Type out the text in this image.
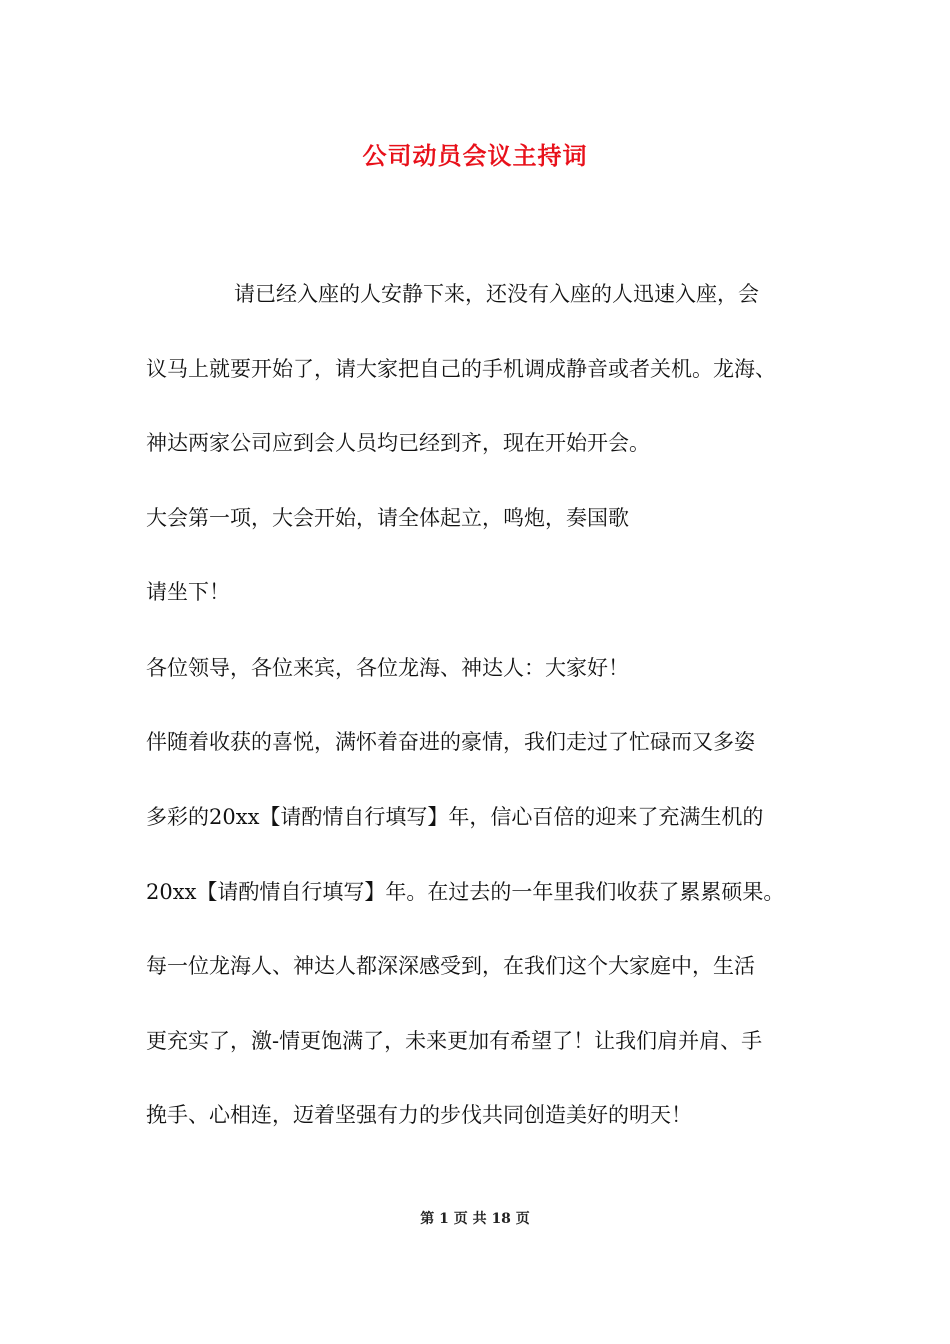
公司动员会议主持词
请已经入座的人安静下来，还没有入座的人迅速入座，会
议马上就要开始了，请大家把自己的手机调成静音或者关机。龙海、
神达两家公司应到会人员均已经到齐，现在开始开会。
大会第一项，大会开始，请全体起立，鸣炮，奏国歌
请坐下！
各位领导，各位来宾，各位龙海、神达人：大家好！
伴随着收获的喜悦，满怀着奋进的豪情，我们走过了忙碌而又多姿
多彩的20xx【请酌情自行填写】年，信心百倍的迎来了充满生机的
20xx【请酌情自行填写】年。在过去的一年里我们收获了累累硕果。
每一位龙海人、神达人都深深感受到，在我们这个大家庭中，生活
更充实了，激-情更饱满了，未来更加有希望了！让我们肩并肩、手
挽手、心相连，迈着坚强有力的步伐共同创造美好的明天！
第 1 页 共 18 页
